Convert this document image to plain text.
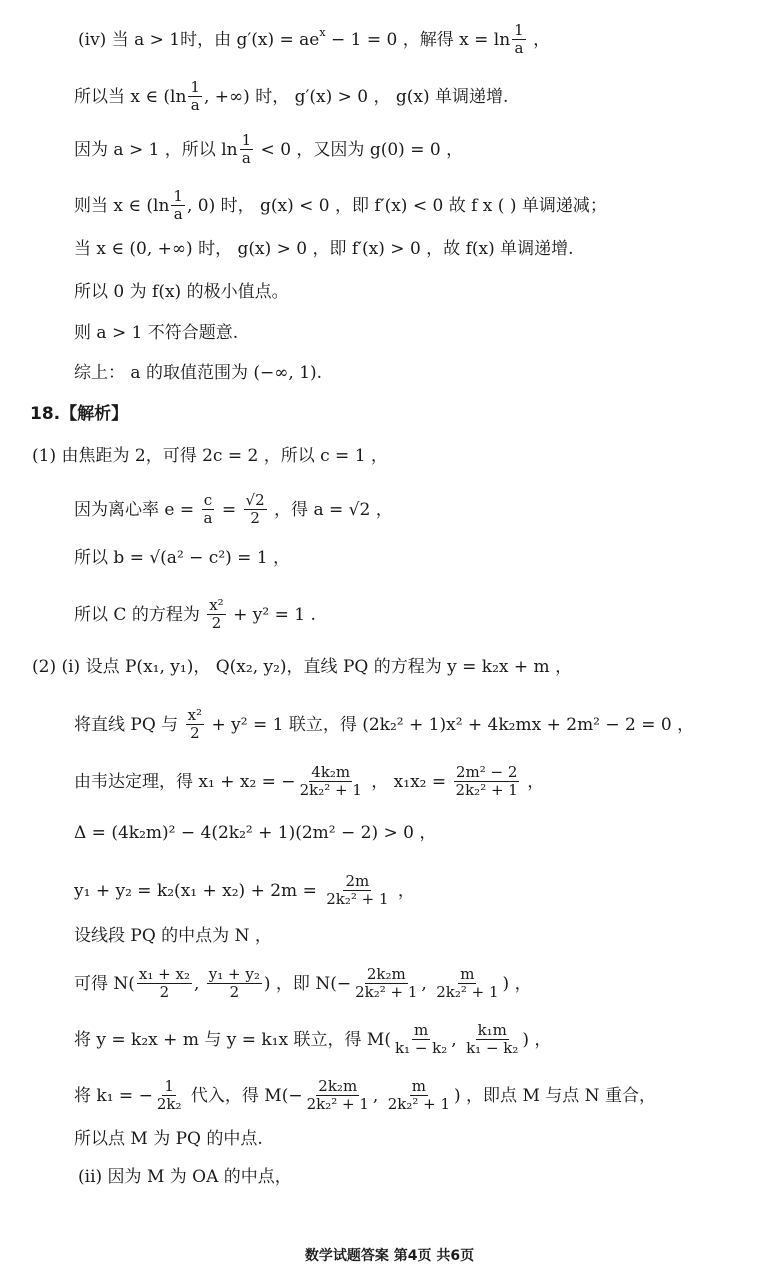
(iv) 当 a > 1时，由 g′(x) = ae x − 1 = 0 ，解得 $x = \ln \frac{1}{a}$ ，
所以当 x ∈ ($\ln \frac{1}{a}$ , +∞) 时， g′(x) > 0 ， g(x) 单调递增.
因为 a > 1 ，所以 $\ln \frac{1}{a} < 0$ ，又因为 g(0) = 0 ，
则当 x ∈ ($\ln \frac{1}{a}$ , 0) 时， g(x) < 0 ，即 f′(x) < 0 故 f x ( ) 单调递减；
当 x ∈ (0, +∞) 时， g(x) > 0 ，即 f′(x) > 0 ，故 f(x) 单调递增.
所以 0 为 f(x) 的极小值点。
则 a > 1 不符合题意.
综上： a 的取值范围为 (−∞, 1).
18.【解析】
(1) 由焦距为 2，可得 2c = 2 ，所以 c = 1 ，
因为离心率 $e = \frac{c}{a} = \frac{√2}{2}$ ，得 a = √2 ，
所以 b = √(a² − c²) = 1 ，
所以 C 的方程为 $\frac{\text{x²}}{2} + y^2 = 1$ .
(2) (i) 设点 P(x₁, y₁)， Q(x₂, y₂)，直线 PQ 的方程为 y = k₂x + m ，
将直线 PQ 与 $\frac{\text{x²}}{2} + y^2 = 1$ 联立，得 (2k₂² + 1)x² + 4k₂mx + 2m² − 2 = 0 ，
由韦达定理，得 x₁ + x₂ = − $\frac{\text{4k₂m}}{\text{2k₂² + 1}}$ ， $x_1x_2 = \frac{\text{2m² − 2}}{\text{2k₂² + 1}}$ ，
Δ = (4k₂m)² − 4(2k₂² + 1)(2m² − 2) > 0 ，
$y_1 + y_2 = k_2(x_1 + x_2) + 2m = \frac{2m}{\text{2k₂² + 1}}$ ，
设线段 PQ 的中点为 N ，
可得 $N( \frac{\text{x₁ + x₂}}{2}$ , $\frac{\text{y₁ + y₂}}{2}$ ) ，即 $N(- \frac{\text{2k₂m}}{\text{2k₂² + 1}}$ , $\frac{m}{\text{2k₂² + 1}}$ ) ，
将 y = k₂x + m 与 y = k₁x 联立，得 $M( \frac{m}{\text{k₁ − k₂}}$ , $\frac{\text{k₁m}}{\text{k₁ − k₂}}$ ) ，
将 k₁ = − $\frac{1}{\text{2k₂}}$ 代入，得 $M(- \frac{\text{2k₂m}}{\text{2k₂² + 1}}$ , $\frac{m}{\text{2k₂² + 1}}$ ) ，即点 M 与点 N 重合，
所以点 M 为 PQ 的中点.
(ii) 因为 M 为 OA 的中点，
数学试题答案 第4页 共6页
